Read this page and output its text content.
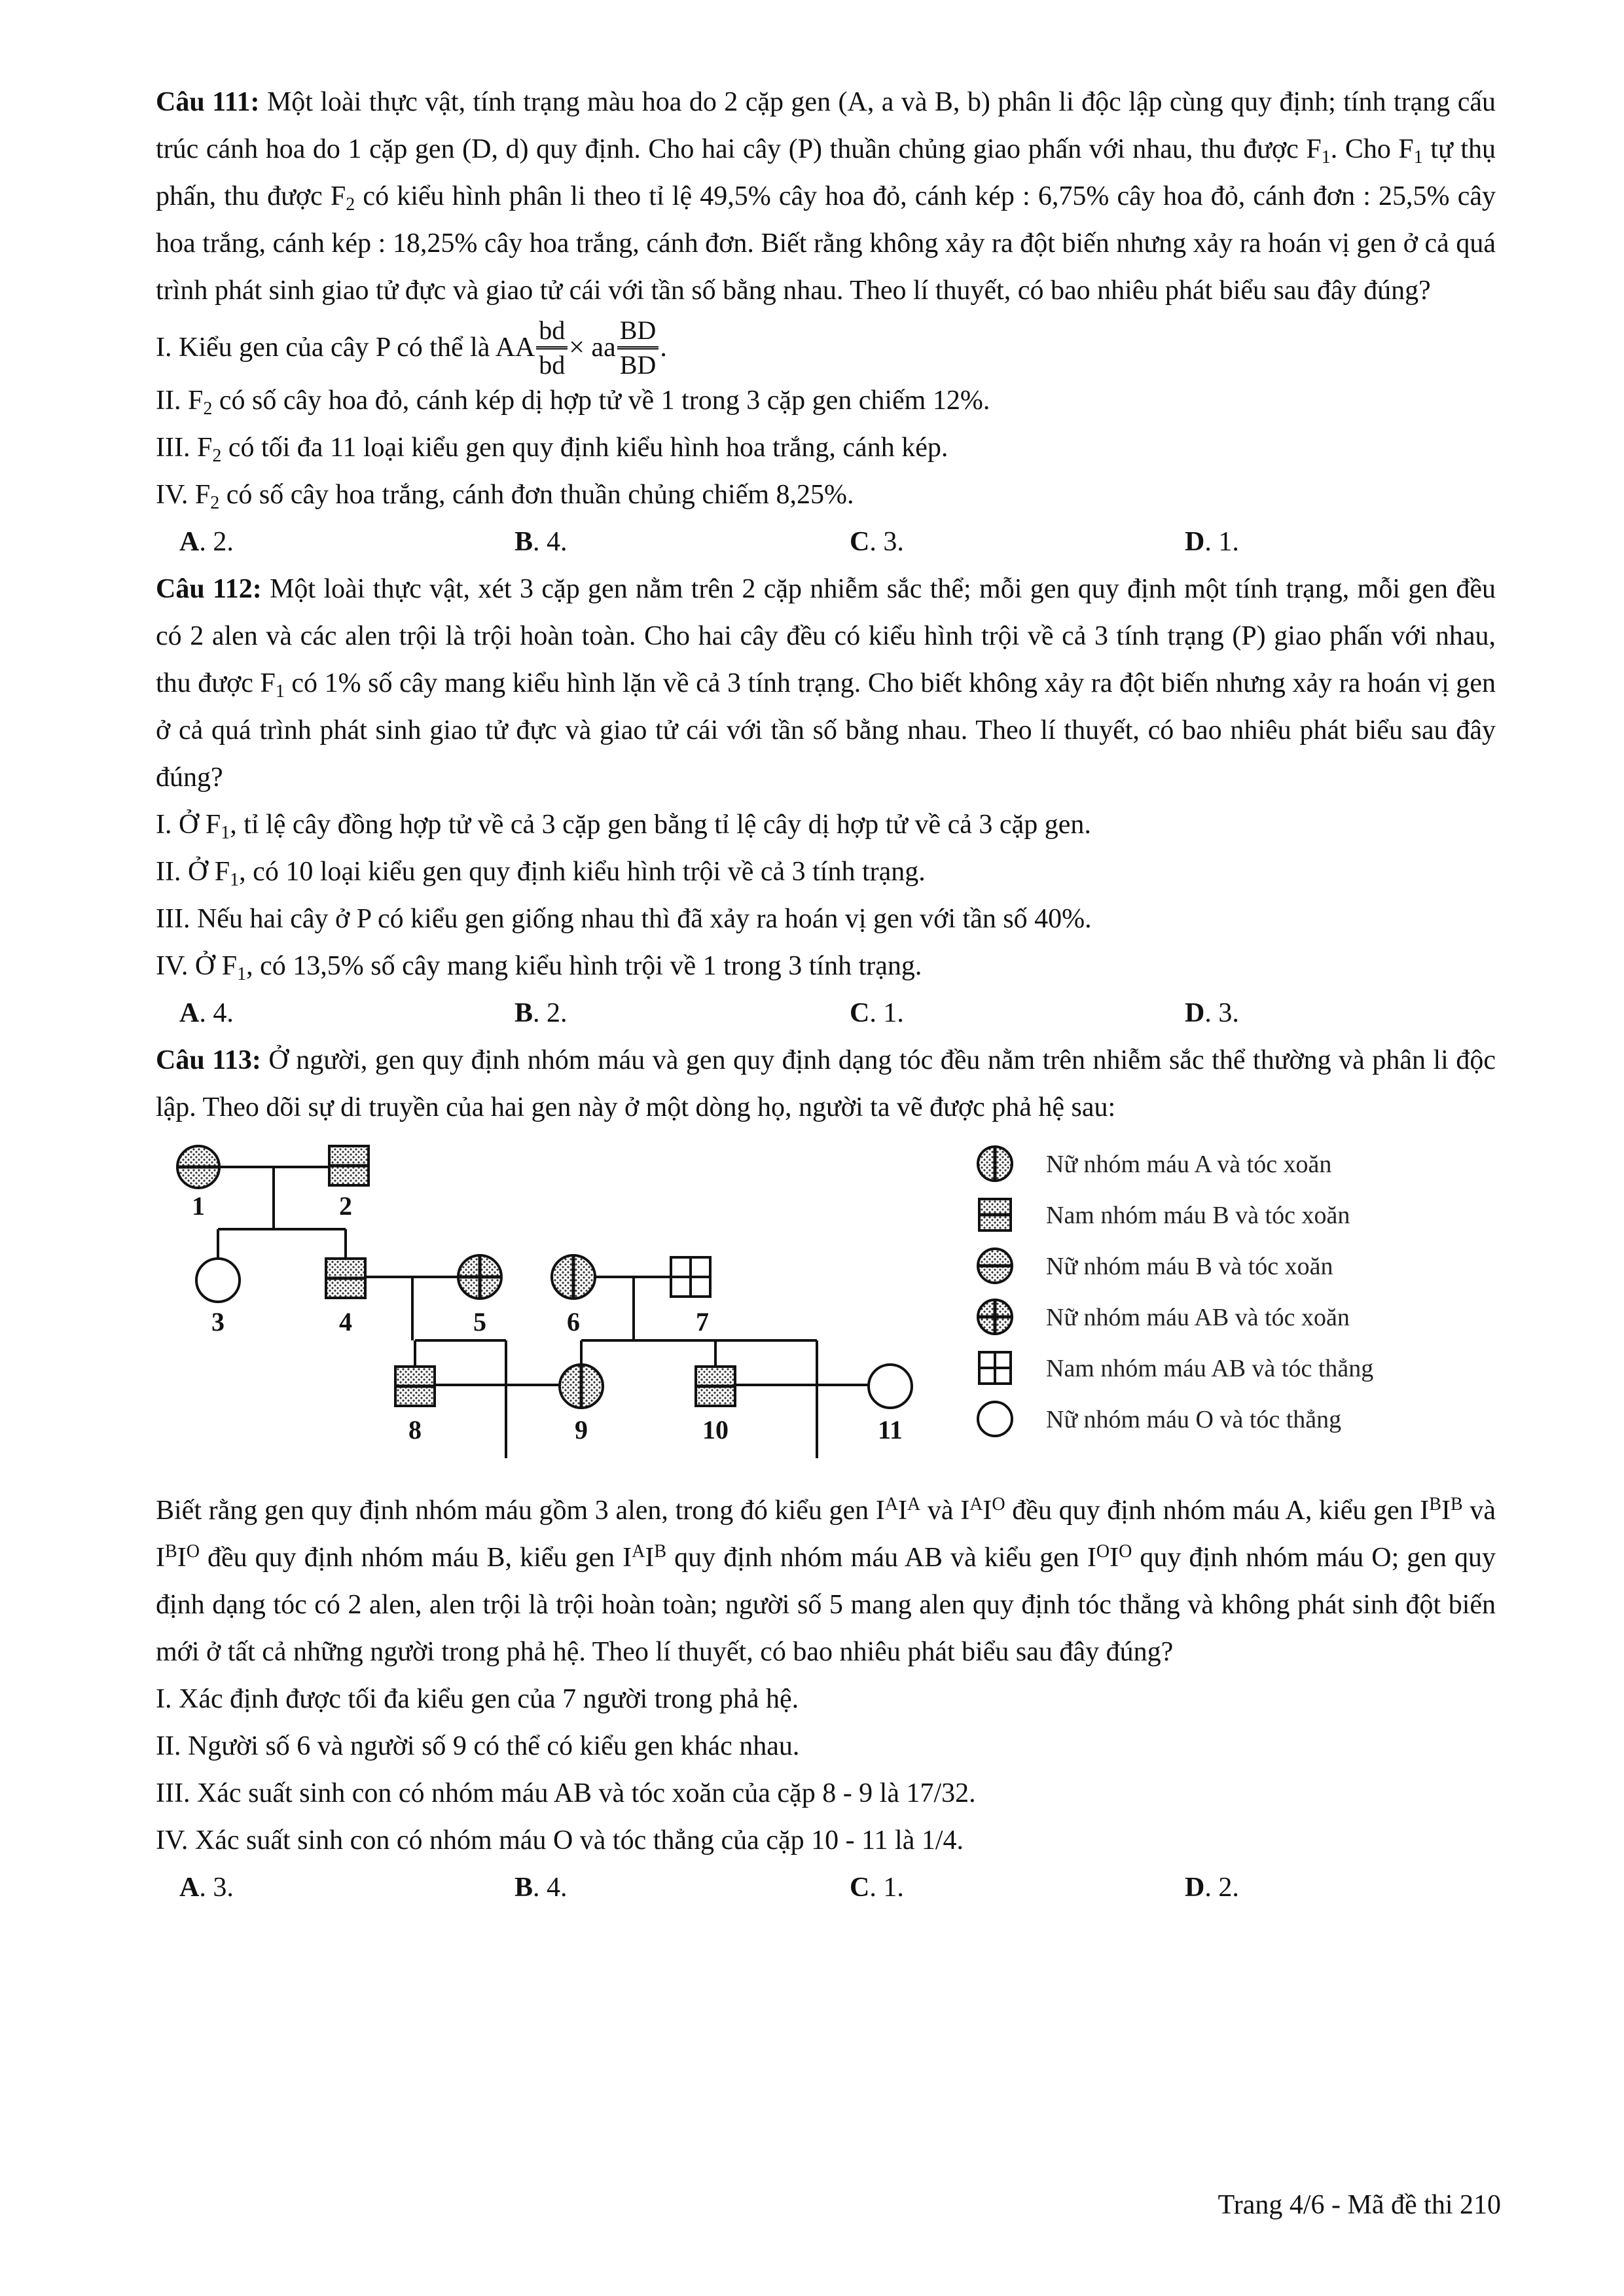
Câu 111: Một loài thực vật, tính trạng màu hoa do 2 cặp gen (A, a và B, b) phân li độc lập cùng quy định; tính trạng cấu trúc cánh hoa do 1 cặp gen (D, d) quy định. Cho hai cây (P) thuần chủng giao phấn với nhau, thu được $F_1$. Cho $F_1$ tự thụ phấn, thu được $F_2$ có kiểu hình phân li theo tỉ lệ 49,5% cây hoa đỏ, cánh kép : 6,75% cây hoa đỏ, cánh đơn : 25,5% cây hoa trắng, cánh kép : 18,25% cây hoa trắng, cánh đơn. Biết rằng không xảy ra đột biến nhưng xảy ra hoán vị gen ở cả quá trình phát sinh giao tử đực và giao tử cái với tần số bằng nhau. Theo lí thuyết, có bao nhiêu phát biểu sau đây đúng?

I. Kiểu gen của cây P có thể là AA $\frac{bd}{bd}$ × aa $\frac{BD}{BD}$ .

II. $F_2$ có số cây hoa đỏ, cánh kép dị hợp tử về 1 trong 3 cặp gen chiếm 12%.

III. $F_2$ có tối đa 11 loại kiểu gen quy định kiểu hình hoa trắng, cánh kép.

IV. $F_2$ có số cây hoa trắng, cánh đơn thuần chủng chiếm 8,25%.

A. 2.	B. 4.	C. 3.	D. 1.

Câu 112: Một loài thực vật, xét 3 cặp gen nằm trên 2 cặp nhiễm sắc thể; mỗi gen quy định một tính trạng, mỗi gen đều có 2 alen và các alen trội là trội hoàn toàn. Cho hai cây đều có kiểu hình trội về cả 3 tính trạng (P) giao phấn với nhau, thu được $F_1$ có 1% số cây mang kiểu hình lặn về cả 3 tính trạng. Cho biết không xảy ra đột biến nhưng xảy ra hoán vị gen ở cả quá trình phát sinh giao tử đực và giao tử cái với tần số bằng nhau. Theo lí thuyết, có bao nhiêu phát biểu sau đây đúng?

I. Ở $F_1$, tỉ lệ cây đồng hợp tử về cả 3 cặp gen bằng tỉ lệ cây dị hợp tử về cả 3 cặp gen.

II. Ở $F_1$, có 10 loại kiểu gen quy định kiểu hình trội về cả 3 tính trạng.

III. Nếu hai cây ở P có kiểu gen giống nhau thì đã xảy ra hoán vị gen với tần số 40%.

IV. Ở $F_1$, có 13,5% số cây mang kiểu hình trội về 1 trong 3 tính trạng.

A. 4.	B. 2.	C. 1.	D. 3.

Câu 113: Ở người, gen quy định nhóm máu và gen quy định dạng tóc đều nằm trên nhiễm sắc thể thường và phân li độc lập. Theo dõi sự di truyền của hai gen này ở một dòng họ, người ta vẽ được phả hệ sau:

1	2
3	4	5	6	7
8	9	10	11
Nữ nhóm máu A và tóc xoăn
Nam nhóm máu B và tóc xoăn
Nữ nhóm máu B và tóc xoăn
Nữ nhóm máu AB và tóc xoăn
Nam nhóm máu AB và tóc thẳng
Nữ nhóm máu O và tóc thẳng

Biết rằng gen quy định nhóm máu gồm 3 alen, trong đó kiểu gen $I^AI^A$ và $I^AI^O$ đều quy định nhóm máu A, kiểu gen $I^BI^B$ và $I^BI^O$ đều quy định nhóm máu B, kiểu gen $I^AI^B$ quy định nhóm máu AB và kiểu gen $I^OI^O$ quy định nhóm máu O; gen quy định dạng tóc có 2 alen, alen trội là trội hoàn toàn; người số 5 mang alen quy định tóc thẳng và không phát sinh đột biến mới ở tất cả những người trong phả hệ. Theo lí thuyết, có bao nhiêu phát biểu sau đây đúng?

I. Xác định được tối đa kiểu gen của 7 người trong phả hệ.

II. Người số 6 và người số 9 có thể có kiểu gen khác nhau.

III. Xác suất sinh con có nhóm máu AB và tóc xoăn của cặp 8 - 9 là 17/32.

IV. Xác suất sinh con có nhóm máu O và tóc thẳng của cặp 10 - 11 là 1/4.

A. 3.	B. 4.	C. 1.	D. 2.
Trang 4/6 - Mã đề thi 210
